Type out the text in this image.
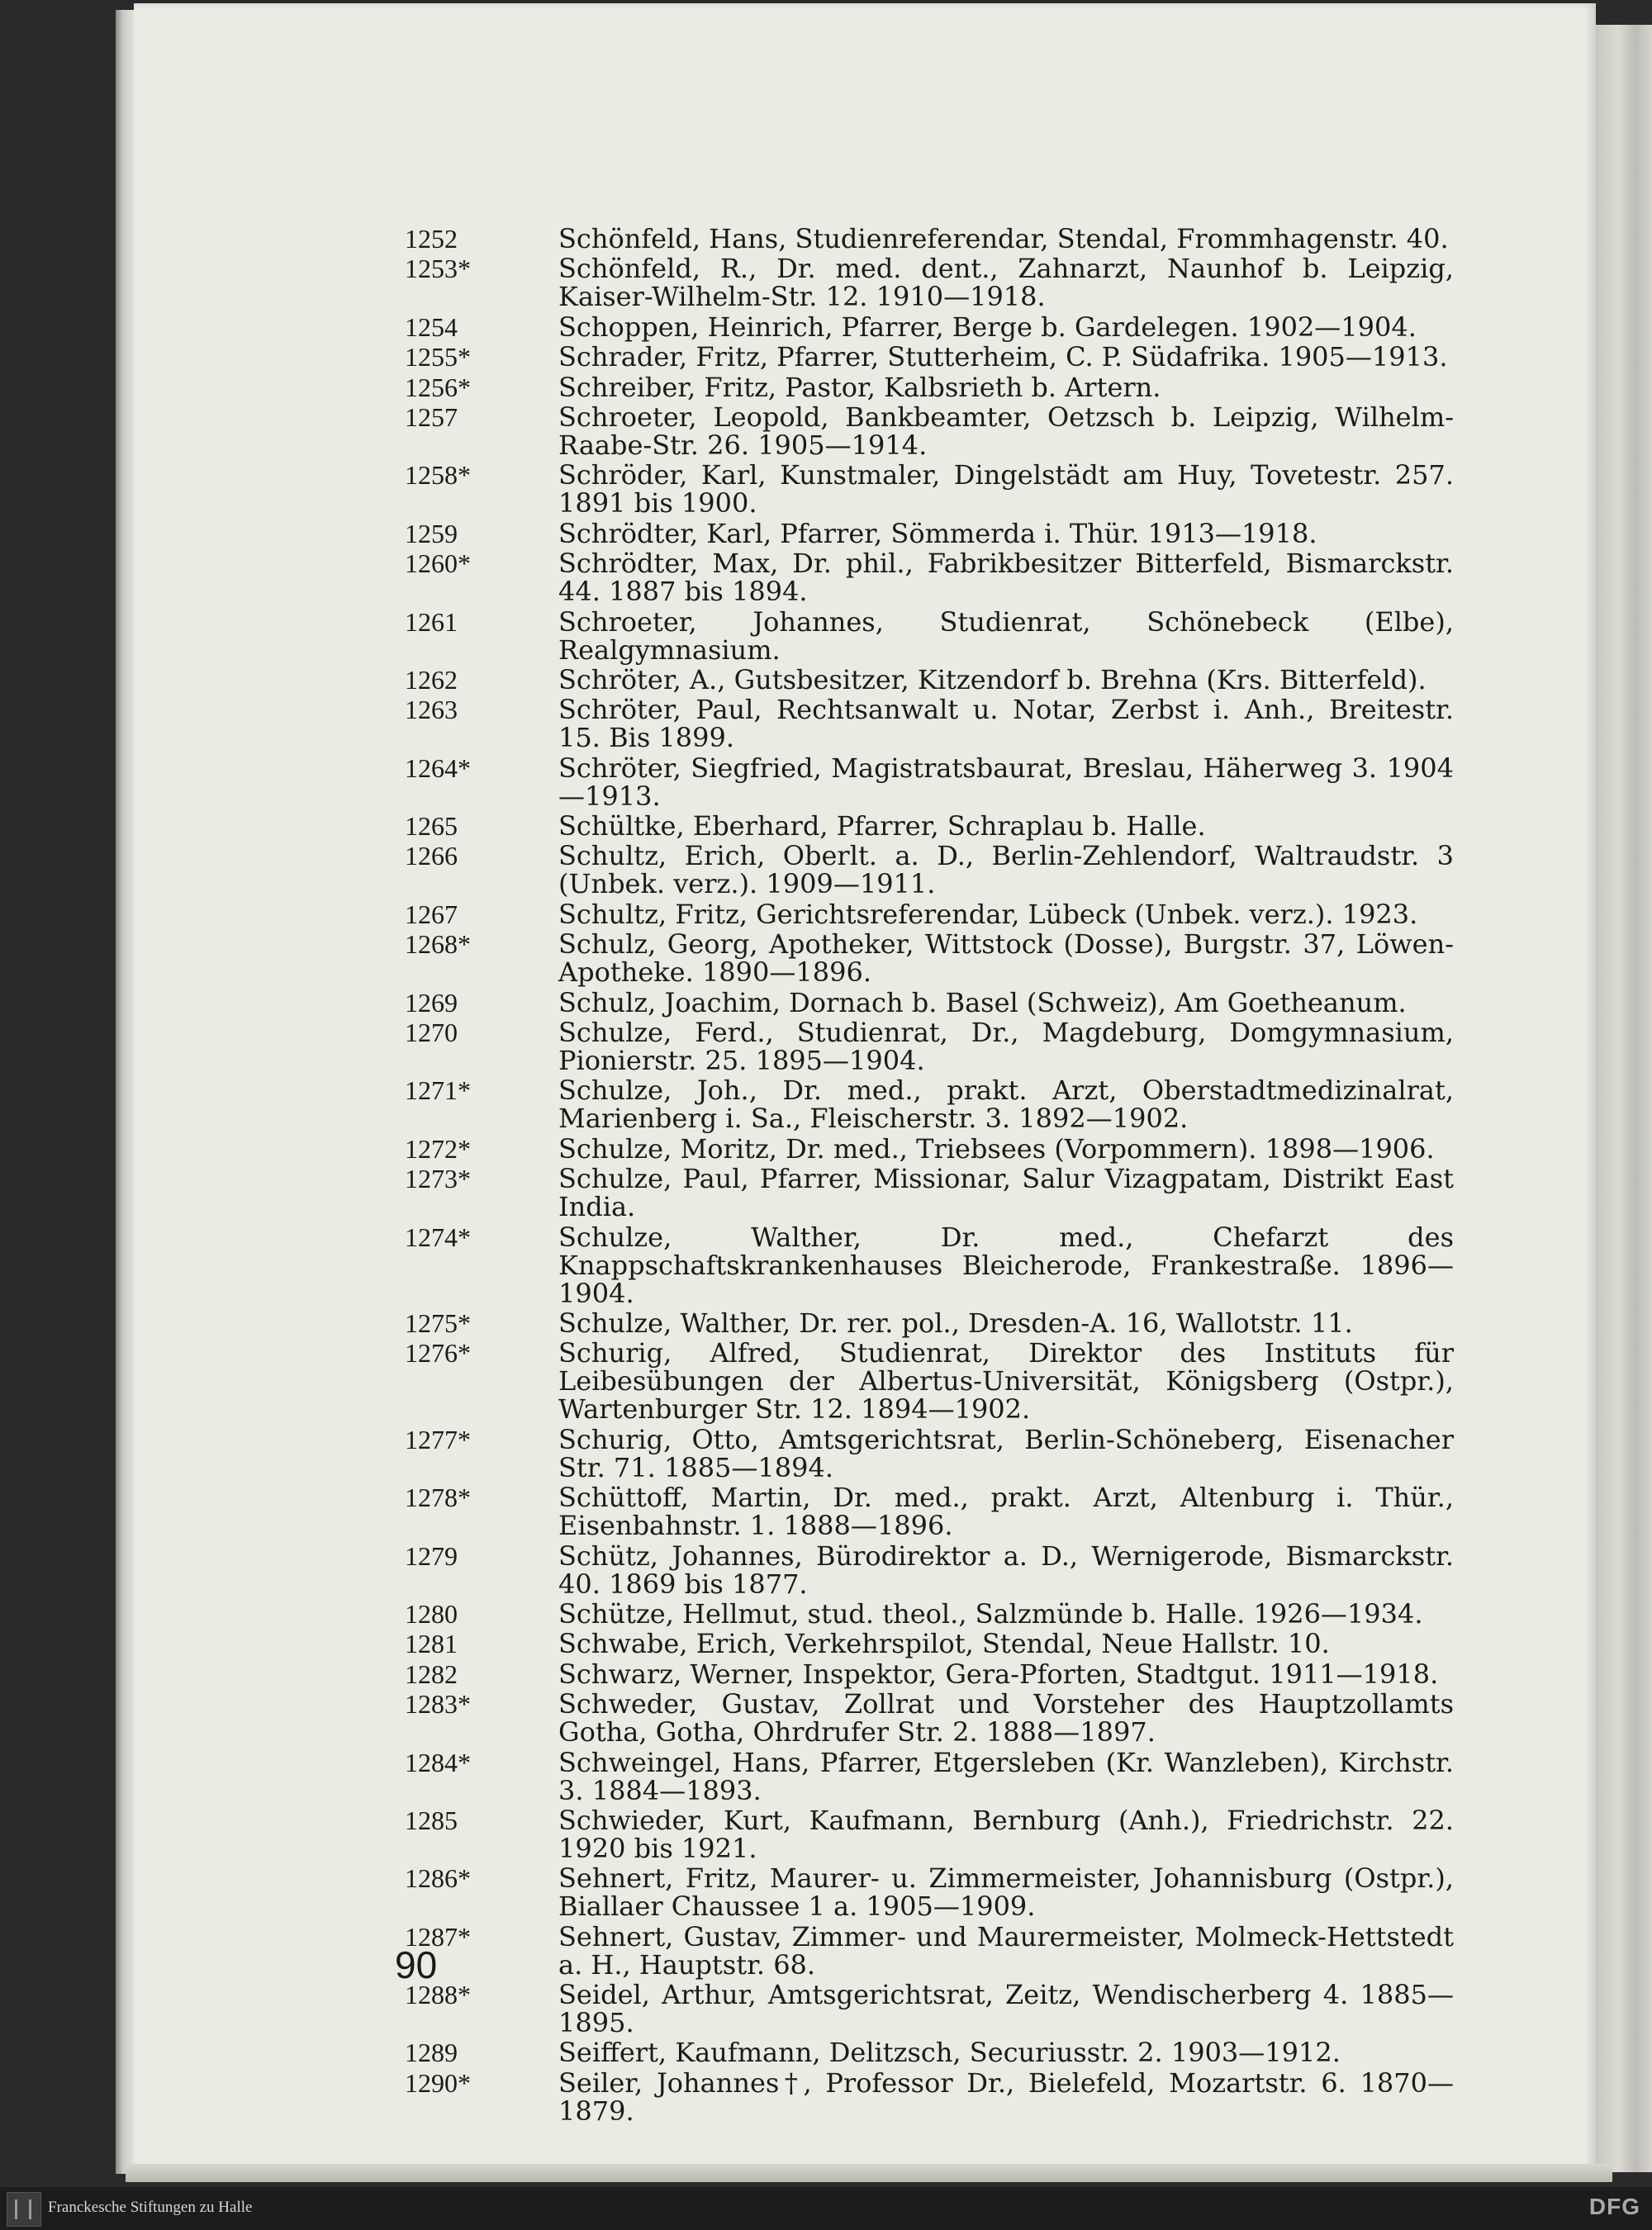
1252	Schönfeld, Hans, Studienreferendar, Stendal, Frommhagenstr. 40.
1253*	Schönfeld, R., Dr. med. dent., Zahnarzt, Naunhof b. Leipzig, Kaiser-Wilhelm-Str. 12. 1910—1918.
1254	Schoppen, Heinrich, Pfarrer, Berge b. Gardelegen. 1902—1904.
1255*	Schrader, Fritz, Pfarrer, Stutterheim, C. P. Südafrika. 1905—1913.
1256*	Schreiber, Fritz, Pastor, Kalbsrieth b. Artern.
1257	Schroeter, Leopold, Bankbeamter, Oetzsch b. Leipzig, Wilhelm-Raabe-Str. 26. 1905—1914.
1258*	Schröder, Karl, Kunstmaler, Dingelstädt am Huy, Tovetestr. 257. 1891 bis 1900.
1259	Schrödter, Karl, Pfarrer, Sömmerda i. Thür. 1913—1918.
1260*	Schrödter, Max, Dr. phil., Fabrikbesitzer Bitterfeld, Bismarckstr. 44. 1887 bis 1894.
1261	Schroeter, Johannes, Studienrat, Schönebeck (Elbe), Realgymnasium.
1262	Schröter, A., Gutsbesitzer, Kitzendorf b. Brehna (Krs. Bitterfeld).
1263	Schröter, Paul, Rechtsanwalt u. Notar, Zerbst i. Anh., Breitestr. 15. Bis 1899.
1264*	Schröter, Siegfried, Magistratsbaurat, Breslau, Häherweg 3. 1904—1913.
1265	Schültke, Eberhard, Pfarrer, Schraplau b. Halle.
1266	Schultz, Erich, Oberlt. a. D., Berlin-Zehlendorf, Waltraudstr. 3 (Unbek. verz.). 1909—1911.
1267	Schultz, Fritz, Gerichtsreferendar, Lübeck (Unbek. verz.). 1923.
1268*	Schulz, Georg, Apotheker, Wittstock (Dosse), Burgstr. 37, Löwen-Apotheke. 1890—1896.
1269	Schulz, Joachim, Dornach b. Basel (Schweiz), Am Goetheanum.
1270	Schulze, Ferd., Studienrat, Dr., Magdeburg, Domgymnasium, Pionierstr. 25. 1895—1904.
1271*	Schulze, Joh., Dr. med., prakt. Arzt, Oberstadtmedizinalrat, Marienberg i. Sa., Fleischerstr. 3. 1892—1902.
1272*	Schulze, Moritz, Dr. med., Triebsees (Vorpommern). 1898—1906.
1273*	Schulze, Paul, Pfarrer, Missionar, Salur Vizagpatam, Distrikt East India.
1274*	Schulze, Walther, Dr. med., Chefarzt des Knappschaftskrankenhauses Bleicherode, Frankestraße. 1896—1904.
1275*	Schulze, Walther, Dr. rer. pol., Dresden-A. 16, Wallotstr. 11.
1276*	Schurig, Alfred, Studienrat, Direktor des Instituts für Leibesübungen der Albertus-Universität, Königsberg (Ostpr.), Wartenburger Str. 12. 1894—1902.
1277*	Schurig, Otto, Amtsgerichtsrat, Berlin-Schöneberg, Eisenacher Str. 71. 1885—1894.
1278*	Schüttoff, Martin, Dr. med., prakt. Arzt, Altenburg i. Thür., Eisenbahnstr. 1. 1888—1896.
1279	Schütz, Johannes, Bürodirektor a. D., Wernigerode, Bismarckstr. 40. 1869 bis 1877.
1280	Schütze, Hellmut, stud. theol., Salzmünde b. Halle. 1926—1934.
1281	Schwabe, Erich, Verkehrspilot, Stendal, Neue Hallstr. 10.
1282	Schwarz, Werner, Inspektor, Gera-Pforten, Stadtgut. 1911—1918.
1283*	Schweder, Gustav, Zollrat und Vorsteher des Hauptzollamts Gotha, Gotha, Ohrdrufer Str. 2. 1888—1897.
1284*	Schweingel, Hans, Pfarrer, Etgersleben (Kr. Wanzleben), Kirchstr. 3. 1884—1893.
1285	Schwieder, Kurt, Kaufmann, Bernburg (Anh.), Friedrichstr. 22. 1920 bis 1921.
1286*	Sehnert, Fritz, Maurer- u. Zimmermeister, Johannisburg (Ostpr.), Biallaer Chaussee 1 a. 1905—1909.
1287*	Sehnert, Gustav, Zimmer- und Maurermeister, Molmeck-Hettstedt a. H., Hauptstr. 68.
1288*	Seidel, Arthur, Amtsgerichtsrat, Zeitz, Wendischerberg 4. 1885—1895.
1289	Seiffert, Kaufmann, Delitzsch, Securiusstr. 2. 1903—1912.
1290*	Seiler, Johannes†, Professor Dr., Bielefeld, Mozartstr. 6. 1870—1879.
90
Franckesche Stiftungen zu Halle	DFG
